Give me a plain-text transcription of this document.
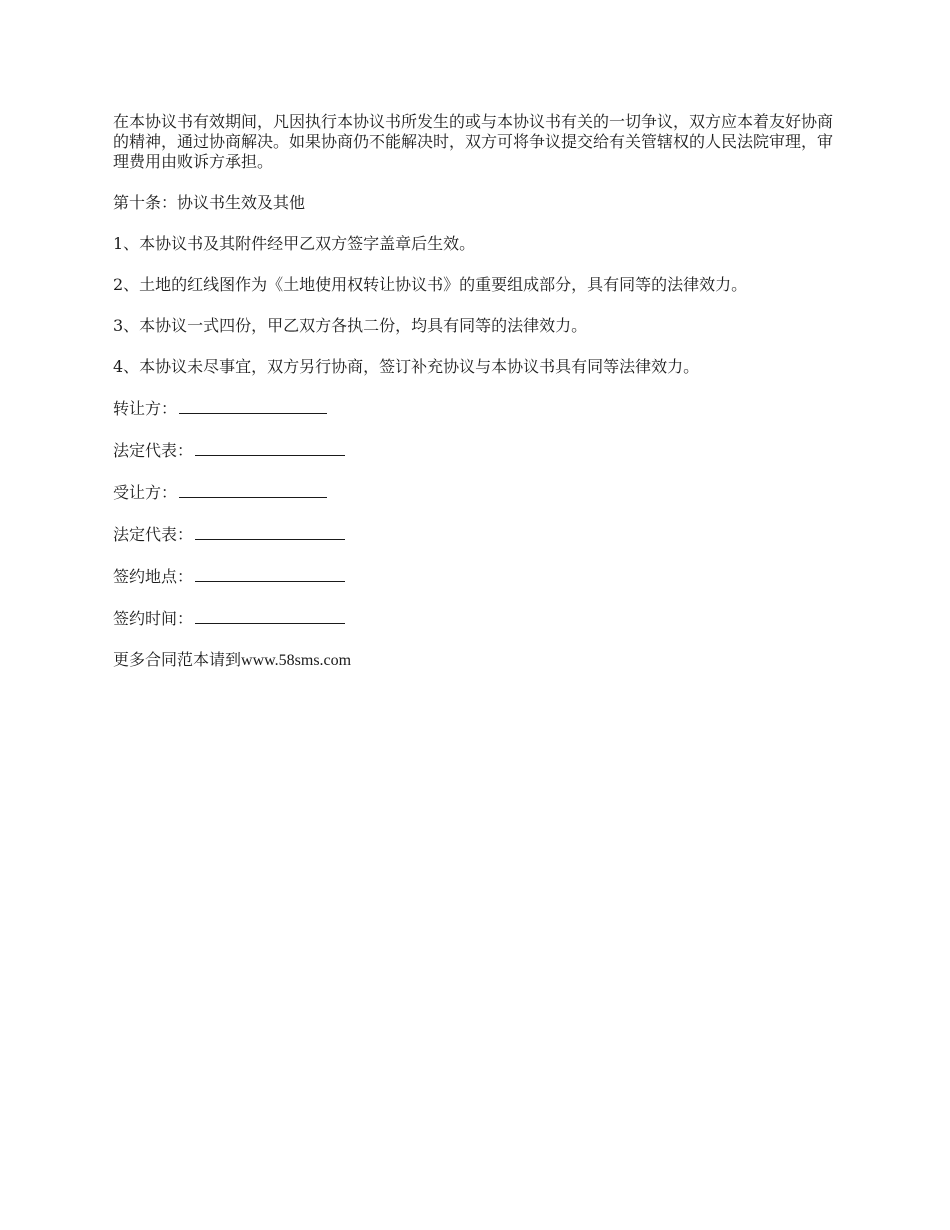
在本协议书有效期间，凡因执行本协议书所发生的或与本协议书有关的一切争议，双方应本着友好协商的精神，通过协商解决。如果协商仍不能解决时，双方可将争议提交给有关管辖权的人民法院审理，审理费用由败诉方承担。

第十条：协议书生效及其他

1、本协议书及其附件经甲乙双方签字盖章后生效。

2、土地的红线图作为《土地使用权转让协议书》的重要组成部分，具有同等的法律效力。

3、本协议一式四份，甲乙双方各执二份，均具有同等的法律效力。

4、本协议未尽事宜，双方另行协商，签订补充协议与本协议书具有同等法律效力。

转让方：

法定代表：

受让方：

法定代表：

签约地点：

签约时间：

更多合同范本请到www.58sms.com
